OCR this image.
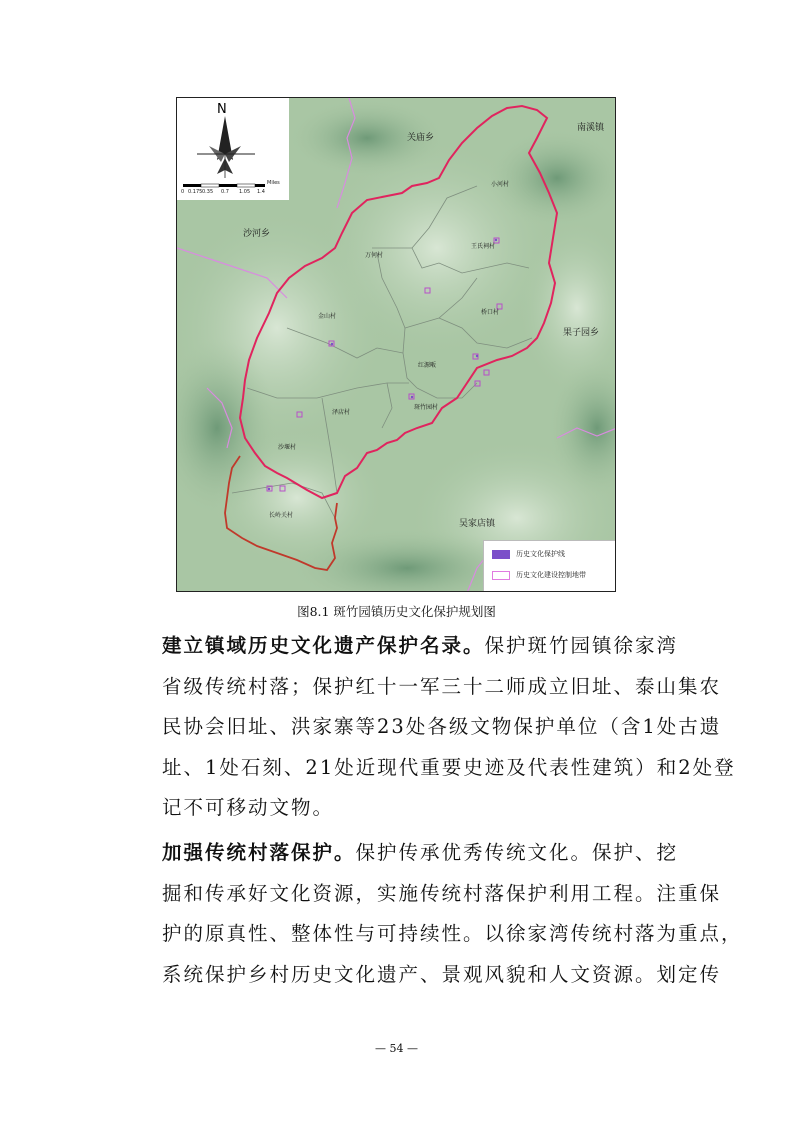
N
0 0.175 0.35 0.7 1.05 1.4
Miles
关庙乡
南溪镇
沙河乡
果子园乡
吴家店镇
小河村
王氏祠村
万何村
桥口村
金山村
红源畈
泽店村
斑竹园村
沙堰村
长岭关村
历史文化保护线
历史文化建设控制地带
图8.1 斑竹园镇历史文化保护规划图
建立镇域历史文化遗产保护名录。保护斑竹园镇徐家湾
省级传统村落；保护红十一军三十二师成立旧址、泰山集农
民协会旧址、洪家寨等23处各级文物保护单位（含1处古遗
址、1处石刻、21处近现代重要史迹及代表性建筑）和2处登
记不可移动文物。
加强传统村落保护。保护传承优秀传统文化。保护、挖
掘和传承好文化资源，实施传统村落保护利用工程。注重保
护的原真性、整体性与可持续性。以徐家湾传统村落为重点，
系统保护乡村历史文化遗产、景观风貌和人文资源。划定传
— 54 —
